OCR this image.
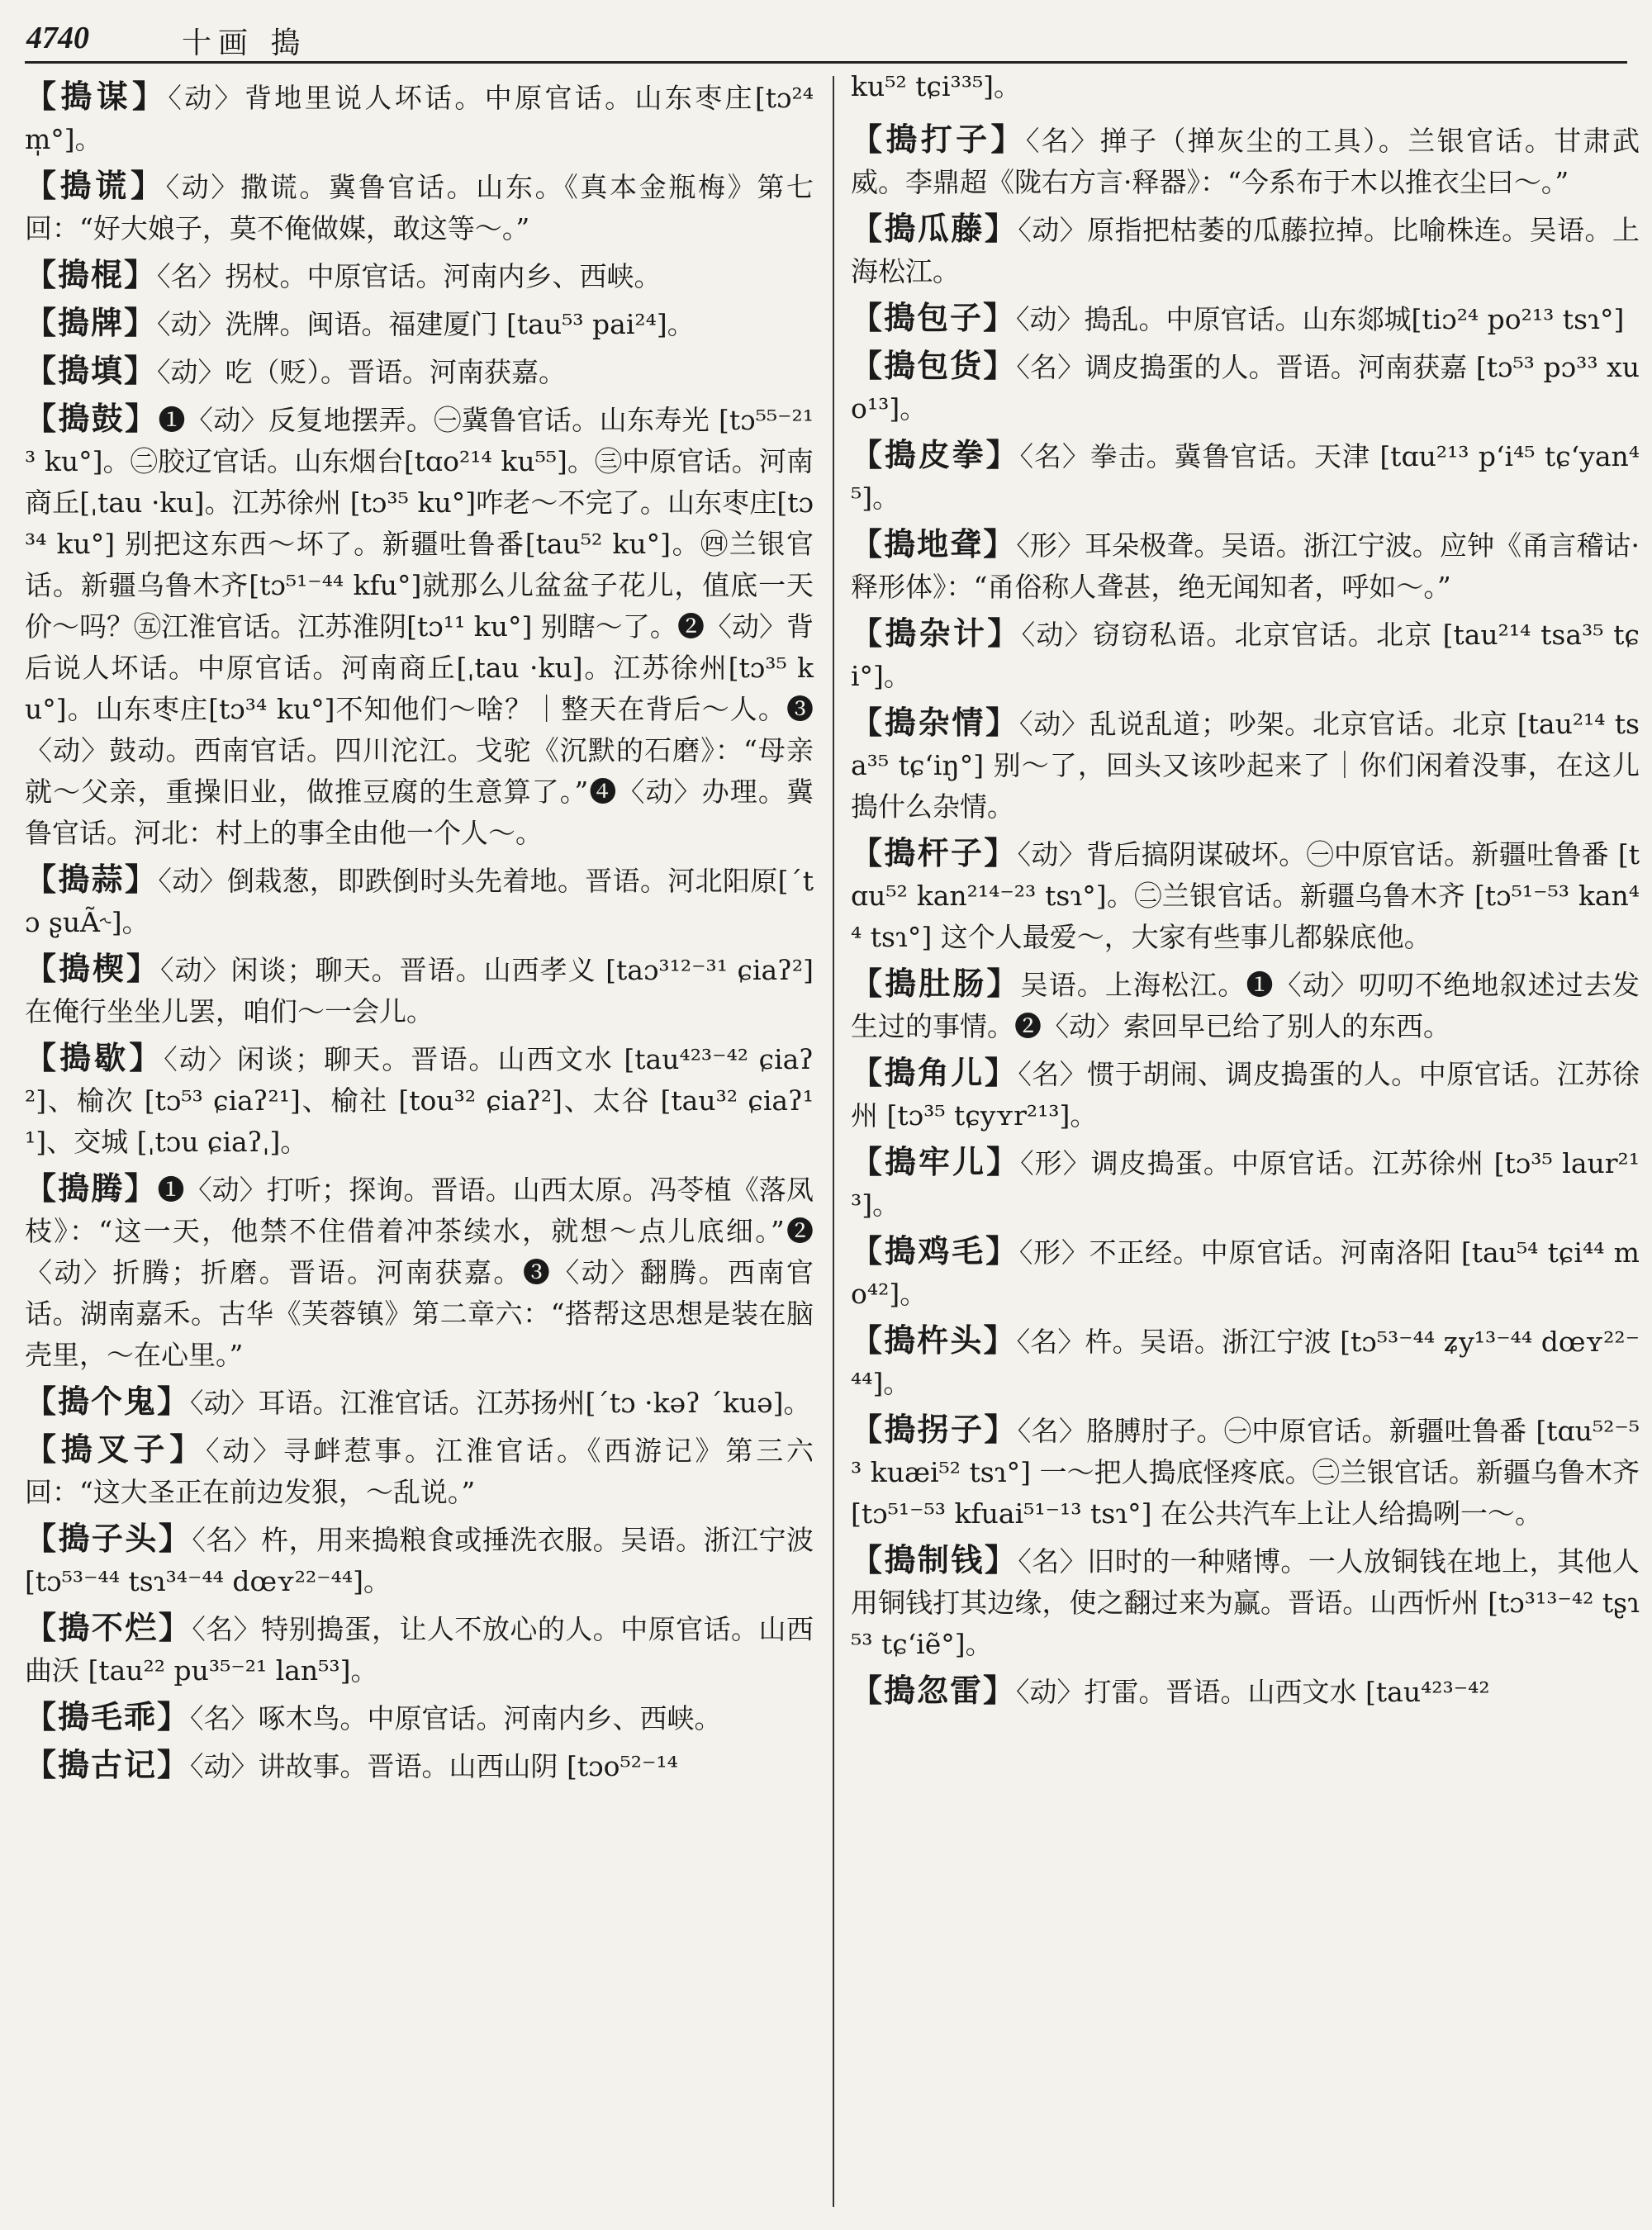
4740	十画 搗
【搗谋】〈动〉背地里说人坏话。中原官话。山东枣庄[tɔ²⁴ m̩°]。
【搗谎】〈动〉撒谎。冀鲁官话。山东。《真本金瓶梅》第七回：“好大娘子，莫不俺做媒，敢这等～。”
【搗棍】〈名〉拐杖。中原官话。河南内乡、西峡。
【搗牌】〈动〉洗牌。闽语。福建厦门 [tau⁵³ pai²⁴]。
【搗填】〈动〉吃（贬）。晋语。河南获嘉。
【搗鼓】❶〈动〉反复地摆弄。㊀冀鲁官话。山东寿光 [tɔ⁵⁵⁻²¹³ ku°]。㊁胶辽官话。山东烟台[tɑo²¹⁴ ku⁵⁵]。㊂中原官话。河南商丘[ˌtau ·ku]。江苏徐州 [tɔ³⁵ ku°]咋老～不完了。山东枣庄[tɔ³⁴ ku°] 别把这东西～坏了。新疆吐鲁番[tau⁵² ku°]。㊃兰银官话。新疆乌鲁木齐[tɔ⁵¹⁻⁴⁴ kfu°]就那么儿盆盆子花儿，值底一天价～吗？㊄江淮官话。江苏淮阴[tɔ¹¹ ku°] 别瞎～了。❷〈动〉背后说人坏话。中原官话。河南商丘[ˌtau ·ku]。江苏徐州[tɔ³⁵ ku°]。山东枣庄[tɔ³⁴ ku°]不知他们～啥？｜整天在背后～人。❸〈动〉鼓动。西南官话。四川沱江。戈驼《沉默的石磨》：“母亲就～父亲，重操旧业，做推豆腐的生意算了。”❹〈动〉办理。冀鲁官话。河北：村上的事全由他一个人～。
【搗蒜】〈动〉倒栽葱，即跌倒时头先着地。晋语。河北阳原[ˊtɔ ʂuÃ˞]。
【搗楔】〈动〉闲谈；聊天。晋语。山西孝义 [taɔ³¹²⁻³¹ ɕiaʔ²] 在俺行坐坐儿罢，咱们～一会儿。
【搗歇】〈动〉闲谈；聊天。晋语。山西文水 [tau⁴²³⁻⁴² ɕiaʔ²]、榆次 [tɔ⁵³ ɕiaʔ²¹]、榆社 [tou³² ɕiaʔ²]、太谷 [tau³² ɕiaʔ¹¹]、交城 [ˌtɔu ɕiaʔˌ]。
【搗腾】❶〈动〉打听；探询。晋语。山西太原。冯苓植《落凤枝》：“这一天，他禁不住借着冲茶续水，就想～点儿底细。”❷〈动〉折腾；折磨。晋语。河南获嘉。❸〈动〉翻腾。西南官话。湖南嘉禾。古华《芙蓉镇》第二章六：“搭帮这思想是装在脑壳里，～在心里。”
【搗个鬼】〈动〉耳语。江淮官话。江苏扬州[ˊtɔ ·kəʔ ˊkuə]。
【搗叉子】〈动〉寻衅惹事。江淮官话。《西游记》第三六回：“这大圣正在前边发狠，～乱说。”
【搗子头】〈名〉杵，用来搗粮食或捶洗衣服。吴语。浙江宁波 [tɔ⁵³⁻⁴⁴ tsɿ³⁴⁻⁴⁴ dœʏ²²⁻⁴⁴]。
【搗不烂】〈名〉特别搗蛋，让人不放心的人。中原官话。山西曲沃 [tau²² pu³⁵⁻²¹ lan⁵³]。
【搗毛乖】〈名〉啄木鸟。中原官话。河南内乡、西峡。
【搗古记】〈动〉讲故事。晋语。山西山阴 [tɔo⁵²⁻¹⁴
ku⁵² tɕi³³⁵]。
【搗打子】〈名〉掸子（掸灰尘的工具）。兰银官话。甘肃武威。李鼎超《陇右方言·释器》：“今系布于木以推衣尘曰～。”
【搗瓜藤】〈动〉原指把枯萎的瓜藤拉掉。比喻株连。吴语。上海松江。
【搗包子】〈动〉搗乱。中原官话。山东郯城[tiɔ²⁴ po²¹³ tsɿ°]
【搗包货】〈名〉调皮搗蛋的人。晋语。河南获嘉 [tɔ⁵³ pɔ³³ xuo¹³]。
【搗皮拳】〈名〉拳击。冀鲁官话。天津 [tɑu²¹³ pʻi⁴⁵ tɕʻyan⁴⁵]。
【搗地聋】〈形〉耳朵极聋。吴语。浙江宁波。应钟《甬言稽诂·释形体》：“甬俗称人聋甚，绝无闻知者，呼如～。”
【搗杂计】〈动〉窃窃私语。北京官话。北京 [tau²¹⁴ tsa³⁵ tɕi°]。
【搗杂情】〈动〉乱说乱道；吵架。北京官话。北京 [tau²¹⁴ tsa³⁵ tɕʻiŋ°] 别～了，回头又该吵起来了｜你们闲着没事，在这儿搗什么杂情。
【搗杆子】〈动〉背后搞阴谋破坏。㊀中原官话。新疆吐鲁番 [tɑu⁵² kan²¹⁴⁻²³ tsɿ°]。㊁兰银官话。新疆乌鲁木齐 [tɔ⁵¹⁻⁵³ kan⁴⁴ tsɿ°] 这个人最爱～，大家有些事儿都躲底他。
【搗肚肠】吴语。上海松江。❶〈动〉叨叨不绝地叙述过去发生过的事情。❷〈动〉索回早已给了别人的东西。
【搗角儿】〈名〉惯于胡闹、调皮搗蛋的人。中原官话。江苏徐州 [tɔ³⁵ tɕyʏr²¹³]。
【搗牢儿】〈形〉调皮搗蛋。中原官话。江苏徐州 [tɔ³⁵ laur²¹³]。
【搗鸡毛】〈形〉不正经。中原官话。河南洛阳 [tau⁵⁴ tɕi⁴⁴ mo⁴²]。
【搗杵头】〈名〉杵。吴语。浙江宁波 [tɔ⁵³⁻⁴⁴ ʑy¹³⁻⁴⁴ dœʏ²²⁻⁴⁴]。
【搗拐子】〈名〉胳膊肘子。㊀中原官话。新疆吐鲁番 [tɑu⁵²⁻⁵³ kuæi⁵² tsɿ°] 一～把人搗底怪疼底。㊁兰银官话。新疆乌鲁木齐 [tɔ⁵¹⁻⁵³ kfuai⁵¹⁻¹³ tsɿ°] 在公共汽车上让人给搗咧一～。
【搗制钱】〈名〉旧时的一种赌博。一人放铜钱在地上，其他人用铜钱打其边缘，使之翻过来为赢。晋语。山西忻州 [tɔ³¹³⁻⁴² tʂɿ⁵³ tɕʻiẽ°]。
【搗忽雷】〈动〉打雷。晋语。山西文水 [tau⁴²³⁻⁴²
